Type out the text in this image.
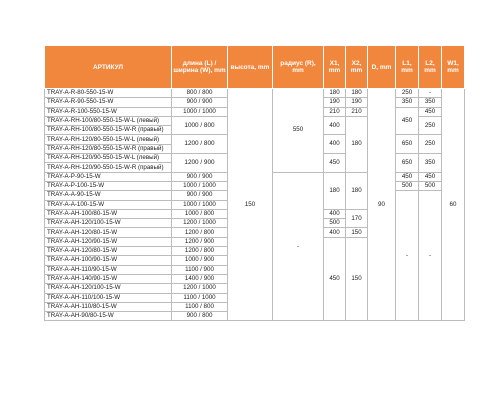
АРТИКУЛ	длина (L) / ширина (W), mm	высота, mm	радиус (R), mm	X1, mm	X2, mm	D, mm	L1, mm	L2, mm	W1, mm
TRAY-A-R-80-550-15-W	800 / 800	150	550	180	180	90	250	-	60
TRAY-A-R-90-550-15-W	900 / 900			190	190		350	350	
TRAY-A-R-100-550-15-W	1000 / 1000			210	210		450	450	
TRAY-A-RH-100/80-550-15-W-L (левый)	1000 / 800			400	180			250	
TRAY-A-RH-100/80-550-15-W-R (правый)									
TRAY-A-RH-120/80-550-15-W-L (левый)	1200 / 800			400			650	250	
TRAY-A-RH-120/80-550-15-W-R (правый)									
TRAY-A-RH-120/90-550-15-W-L (левый)	1200 / 900			450			650	350	
TRAY-A-RH-120/90-550-15-W-R (правый)									
TRAY-A-P-90-15-W	900 / 900		-	180	180		450	450	
TRAY-A-P-100-15-W	1000 / 1000						500	500	
TRAY-A-A-90-15-W	900 / 900						-	-	
TRAY-A-A-100-15-W	1000 / 1000								
TRAY-A-AH-100/80-15-W	1000 / 800			400	170				
TRAY-A-AH-120/100-15-W	1200 / 1000			500					
TRAY-A-AH-120/80-15-W	1200 / 800			400	150				
TRAY-A-AH-120/90-15-W	1200 / 900			450	150				
TRAY-A-AH-120/80-15-W	1200 / 800								
TRAY-A-AH-100/90-15-W	1000 / 900								
TRAY-A-AH-110/90-15-W	1100 / 900								
TRAY-A-AH-140/90-15-W	1400 / 900								
TRAY-A-AH-120/100-15-W	1200 / 1000								
TRAY-A-AH-110/100-15-W	1100 / 1000								
TRAY-A-AH-110/80-15-W	1100 / 800								
TRAY-A-AH-90/80-15-W	900 / 800								
